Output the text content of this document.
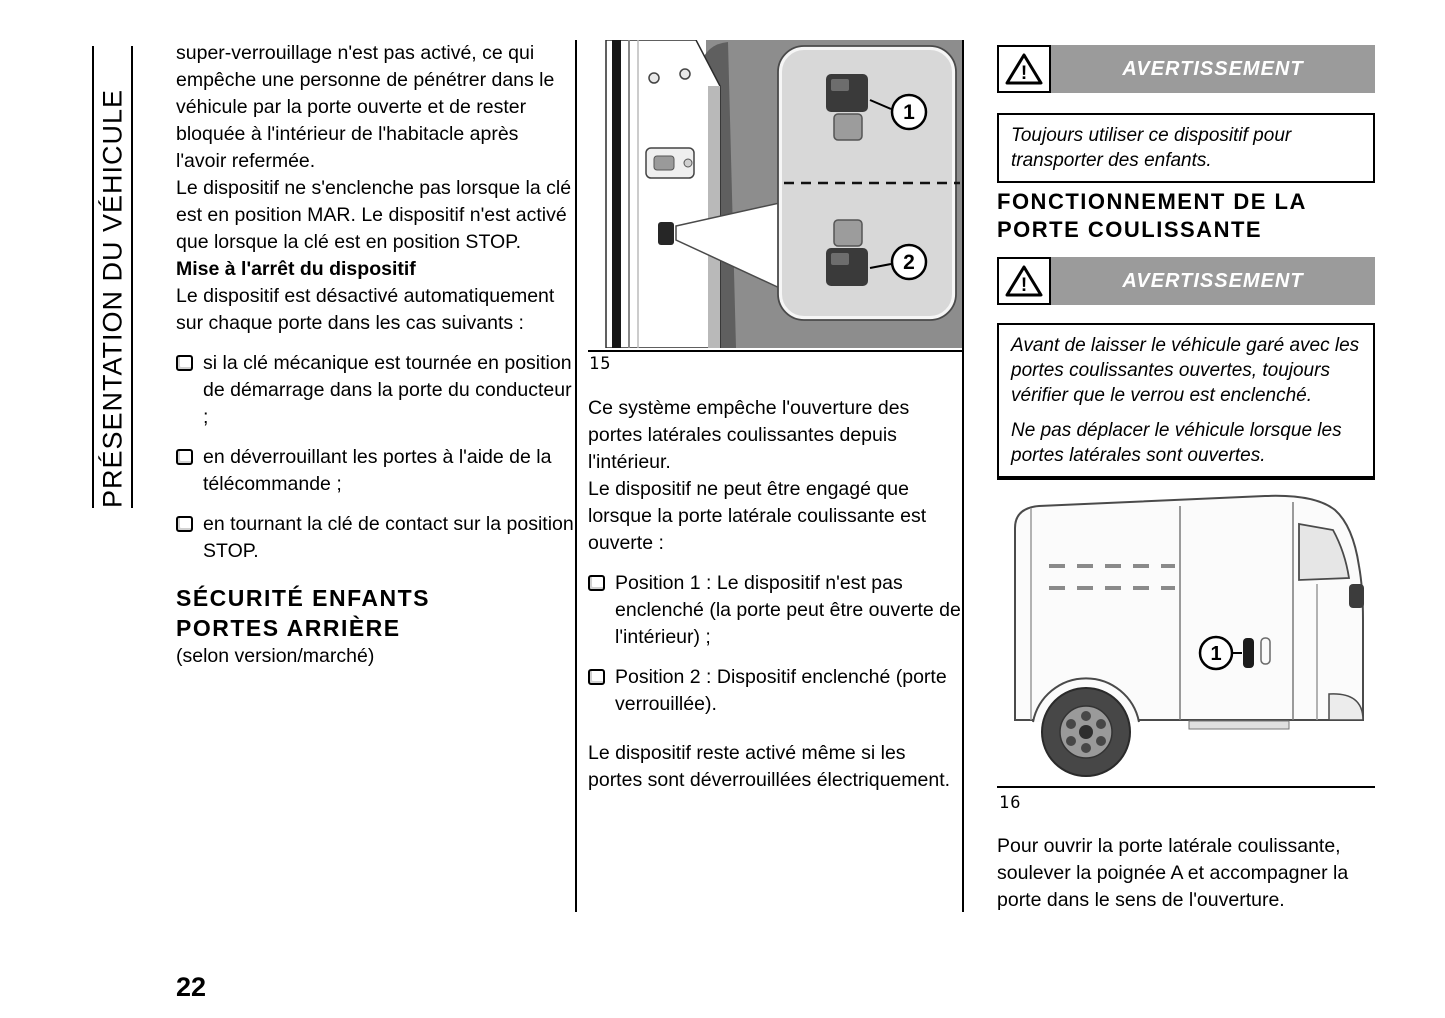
PRÉSENTATION DU VÉHICULE

super-verrouillage n'est pas activé, ce qui empêche une personne de pénétrer dans le véhicule par la porte ouverte et de rester bloquée à l'intérieur de l'habitacle après l'avoir refermée.

Le dispositif ne s'enclenche pas lorsque la clé est en position MAR. Le dispositif n'est activé que lorsque la clé est en position STOP.

Mise à l'arrêt du dispositif

Le dispositif est désactivé automatiquement sur chaque porte dans les cas suivants :

si la clé mécanique est tournée en position de démarrage dans la porte du conducteur ;
en déverrouillant les portes à l'aide de la télécommande ;
en tournant la clé de contact sur la position STOP.
SÉCURITÉ ENFANTS PORTES ARRIÈRE

(selon version/marché)

1
2
15

Ce système empêche l'ouverture des portes latérales coulissantes depuis l'intérieur.

Le dispositif ne peut être engagé que lorsque la porte latérale coulissante est ouverte :

Position 1 : Le dispositif n'est pas enclenché (la porte peut être ouverte de l'intérieur) ;
Position 2 : Dispositif enclenché (porte verrouillée).

Le dispositif reste activé même si les portes sont déverrouillées électriquement.

!	AVERTISSEMENT

Toujours utiliser ce dispositif pour transporter des enfants.

FONCTIONNEMENT DE LA PORTE COULISSANTE
!	AVERTISSEMENT

Avant de laisser le véhicule garé avec les portes coulissantes ouvertes, toujours vérifier que le verrou est enclenché.

Ne pas déplacer le véhicule lorsque les portes latérales sont ouvertes.

1
16

Pour ouvrir la porte latérale coulissante, soulever la poignée A et accompagner la porte dans le sens de l'ouverture.

22
